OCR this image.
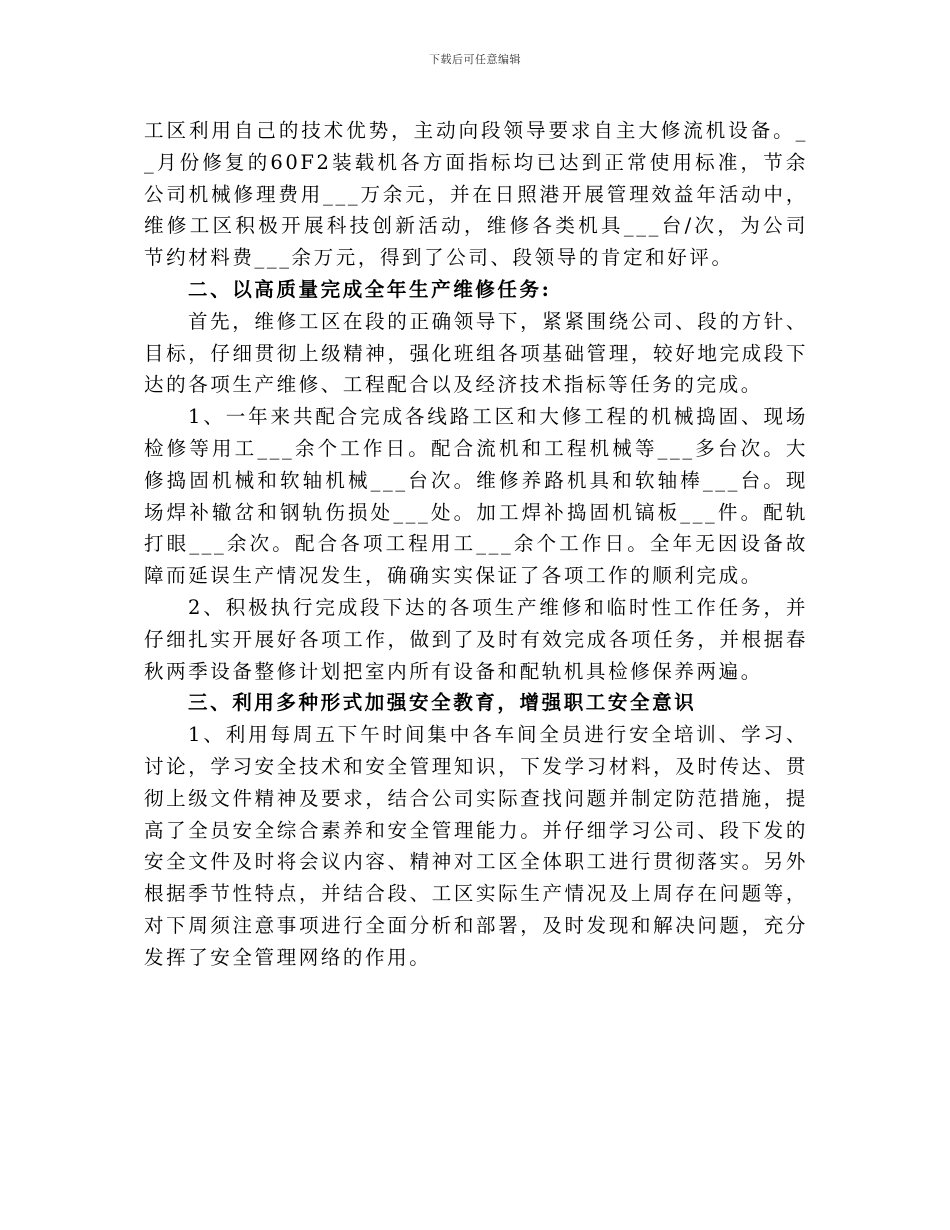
下载后可任意编辑

工区利用自己的技术优势，主动向段领导要求自主大修流机设备。__月份修复的60F2装载机各方面指标均已达到正常使用标准，节余公司机械修理费用___万余元，并在日照港开展管理效益年活动中，维修工区积极开展科技创新活动，维修各类机具___台/次，为公司节约材料费___余万元，得到了公司、段领导的肯定和好评。

二、以高质量完成全年生产维修任务:

首先，维修工区在段的正确领导下，紧紧围绕公司、段的方针、目标，仔细贯彻上级精神，强化班组各项基础管理，较好地完成段下达的各项生产维修、工程配合以及经济技术指标等任务的完成。

1、一年来共配合完成各线路工区和大修工程的机械捣固、现场检修等用工___余个工作日。配合流机和工程机械等___多台次。大修捣固机械和软轴机械___台次。维修养路机具和软轴棒___台。现场焊补辙岔和钢轨伤损处___处。加工焊补捣固机镐板___件。配轨打眼___余次。配合各项工程用工___余个工作日。全年无因设备故障而延误生产情况发生，确确实实保证了各项工作的顺利完成。

2、积极执行完成段下达的各项生产维修和临时性工作任务，并仔细扎实开展好各项工作，做到了及时有效完成各项任务，并根据春秋两季设备整修计划把室内所有设备和配轨机具检修保养两遍。

三、利用多种形式加强安全教育，增强职工安全意识

1、利用每周五下午时间集中各车间全员进行安全培训、学习、讨论，学习安全技术和安全管理知识，下发学习材料，及时传达、贯彻上级文件精神及要求，结合公司实际查找问题并制定防范措施，提高了全员安全综合素养和安全管理能力。并仔细学习公司、段下发的安全文件及时将会议内容、精神对工区全体职工进行贯彻落实。另外根据季节性特点，并结合段、工区实际生产情况及上周存在问题等，对下周须注意事项进行全面分析和部署，及时发现和解决问题，充分发挥了安全管理网络的作用。
